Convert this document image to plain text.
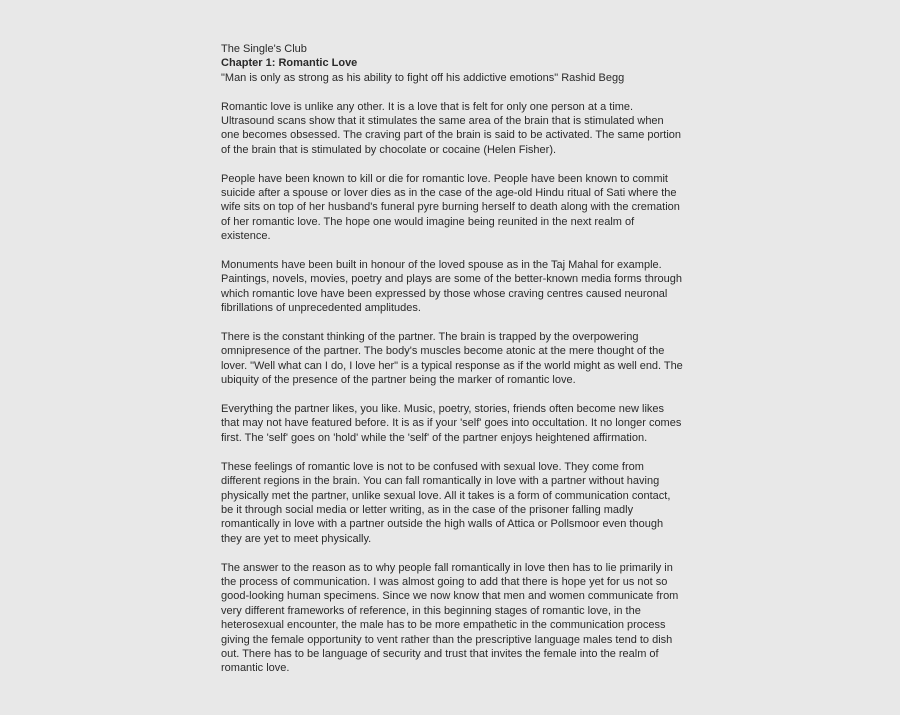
The Single's Club
Chapter 1: Romantic Love
"Man is only as strong as his ability to fight off his addictive emotions" Rashid Begg
Romantic love is unlike any other. It is a love that is felt for only one person at a time.
Ultrasound scans show that it stimulates the same area of the brain that is stimulated when
one becomes obsessed. The craving part of the brain is said to be activated. The same portion
of the brain that is stimulated by chocolate or cocaine (Helen Fisher).
People have been known to kill or die for romantic love. People have been known to commit
suicide after a spouse or lover dies as in the case of the age-old Hindu ritual of Sati where the
wife sits on top of her husband's funeral pyre burning herself to death along with the cremation
of her romantic love. The hope one would imagine being reunited in the next realm of
existence.
Monuments have been built in honour of the loved spouse as in the Taj Mahal for example.
Paintings, novels, movies, poetry and plays are some of the better-known media forms through
which romantic love have been expressed by those whose craving centres caused neuronal
fibrillations of unprecedented amplitudes.
There is the constant thinking of the partner. The brain is trapped by the overpowering
omnipresence of the partner. The body's muscles become atonic at the mere thought of the
lover. "Well what can I do, I love her" is a typical response as if the world might as well end. The
ubiquity of the presence of the partner being the marker of romantic love.
Everything the partner likes, you like. Music, poetry, stories, friends often become new likes
that may not have featured before. It is as if your 'self' goes into occultation. It no longer comes
first. The 'self' goes on 'hold' while the 'self' of the partner enjoys heightened affirmation.
These feelings of romantic love is not to be confused with sexual love. They come from
different regions in the brain. You can fall romantically in love with a partner without having
physically met the partner, unlike sexual love. All it takes is a form of communication contact,
be it through social media or letter writing, as in the case of the prisoner falling madly
romantically in love with a partner outside the high walls of Attica or Pollsmoor even though
they are yet to meet physically.
The answer to the reason as to why people fall romantically in love then has to lie primarily in
the process of communication. I was almost going to add that there is hope yet for us not so
good-looking human specimens. Since we now know that men and women communicate from
very different frameworks of reference, in this beginning stages of romantic love, in the
heterosexual encounter, the male has to be more empathetic in the communication process
giving the female opportunity to vent rather than the prescriptive language males tend to dish
out. There has to be language of security and trust that invites the female into the realm of
romantic love.
